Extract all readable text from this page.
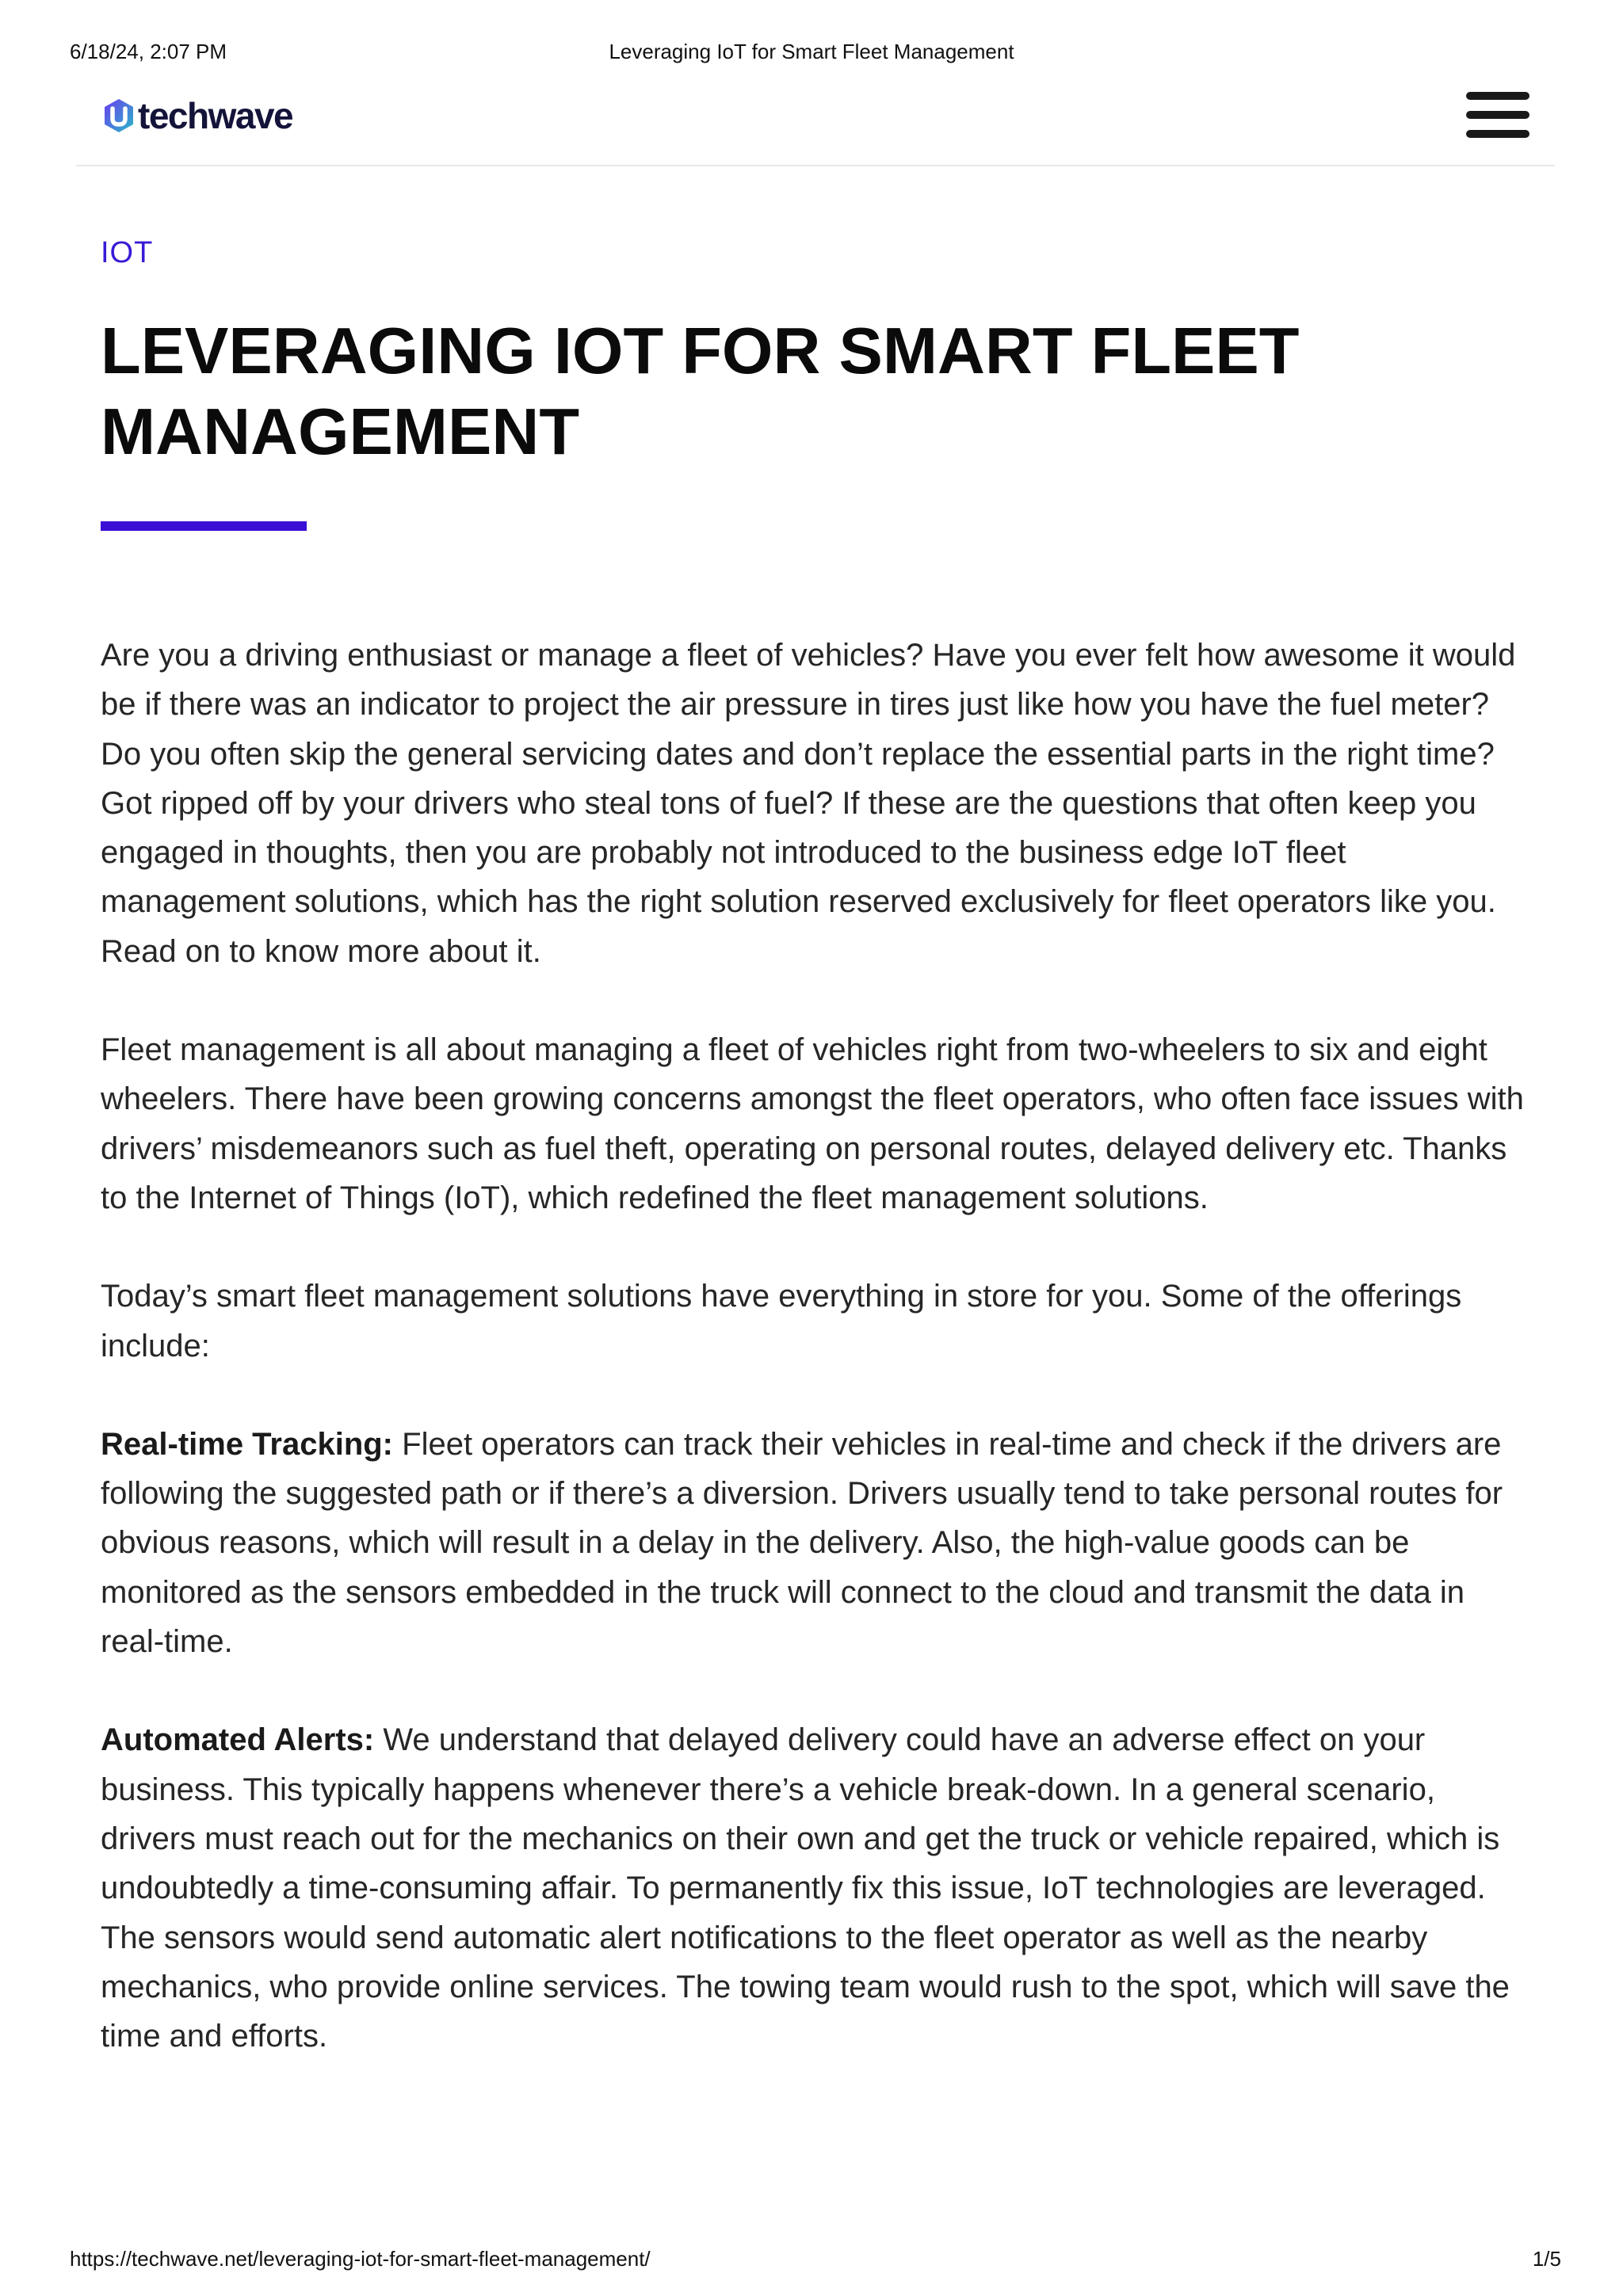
6/18/24, 2:07 PM	Leveraging IoT for Smart Fleet Management
techwave
IOT
LEVERAGING IOT FOR SMART FLEET MANAGEMENT

Are you a driving enthusiast or manage a fleet of vehicles? Have you ever felt how awesome it would be if there was an indicator to project the air pressure in tires just like how you have the fuel meter? Do you often skip the general servicing dates and don’t replace the essential parts in the right time? Got ripped off by your drivers who steal tons of fuel? If these are the questions that often keep you engaged in thoughts, then you are probably not introduced to the business edge IoT fleet management solutions, which has the right solution reserved exclusively for fleet operators like you. Read on to know more about it.

Fleet management is all about managing a fleet of vehicles right from two-wheelers to six and eight wheelers. There have been growing concerns amongst the fleet operators, who often face issues with drivers’ misdemeanors such as fuel theft, operating on personal routes, delayed delivery etc. Thanks to the Internet of Things (IoT), which redefined the fleet management solutions.

Today’s smart fleet management solutions have everything in store for you. Some of the offerings include:

Real-time Tracking: Fleet operators can track their vehicles in real-time and check if the drivers are following the suggested path or if there’s a diversion. Drivers usually tend to take personal routes for obvious reasons, which will result in a delay in the delivery. Also, the high-value goods can be monitored as the sensors embedded in the truck will connect to the cloud and transmit the data in real-time.

Automated Alerts: We understand that delayed delivery could have an adverse effect on your business. This typically happens whenever there’s a vehicle break-down. In a general scenario, drivers must reach out for the mechanics on their own and get the truck or vehicle repaired, which is undoubtedly a time-consuming affair. To permanently fix this issue, IoT technologies are leveraged. The sensors would send automatic alert notifications to the fleet operator as well as the nearby mechanics, who provide online services. The towing team would rush to the spot, which will save the time and efforts.

https://techwave.net/leveraging-iot-for-smart-fleet-management/	1/5
